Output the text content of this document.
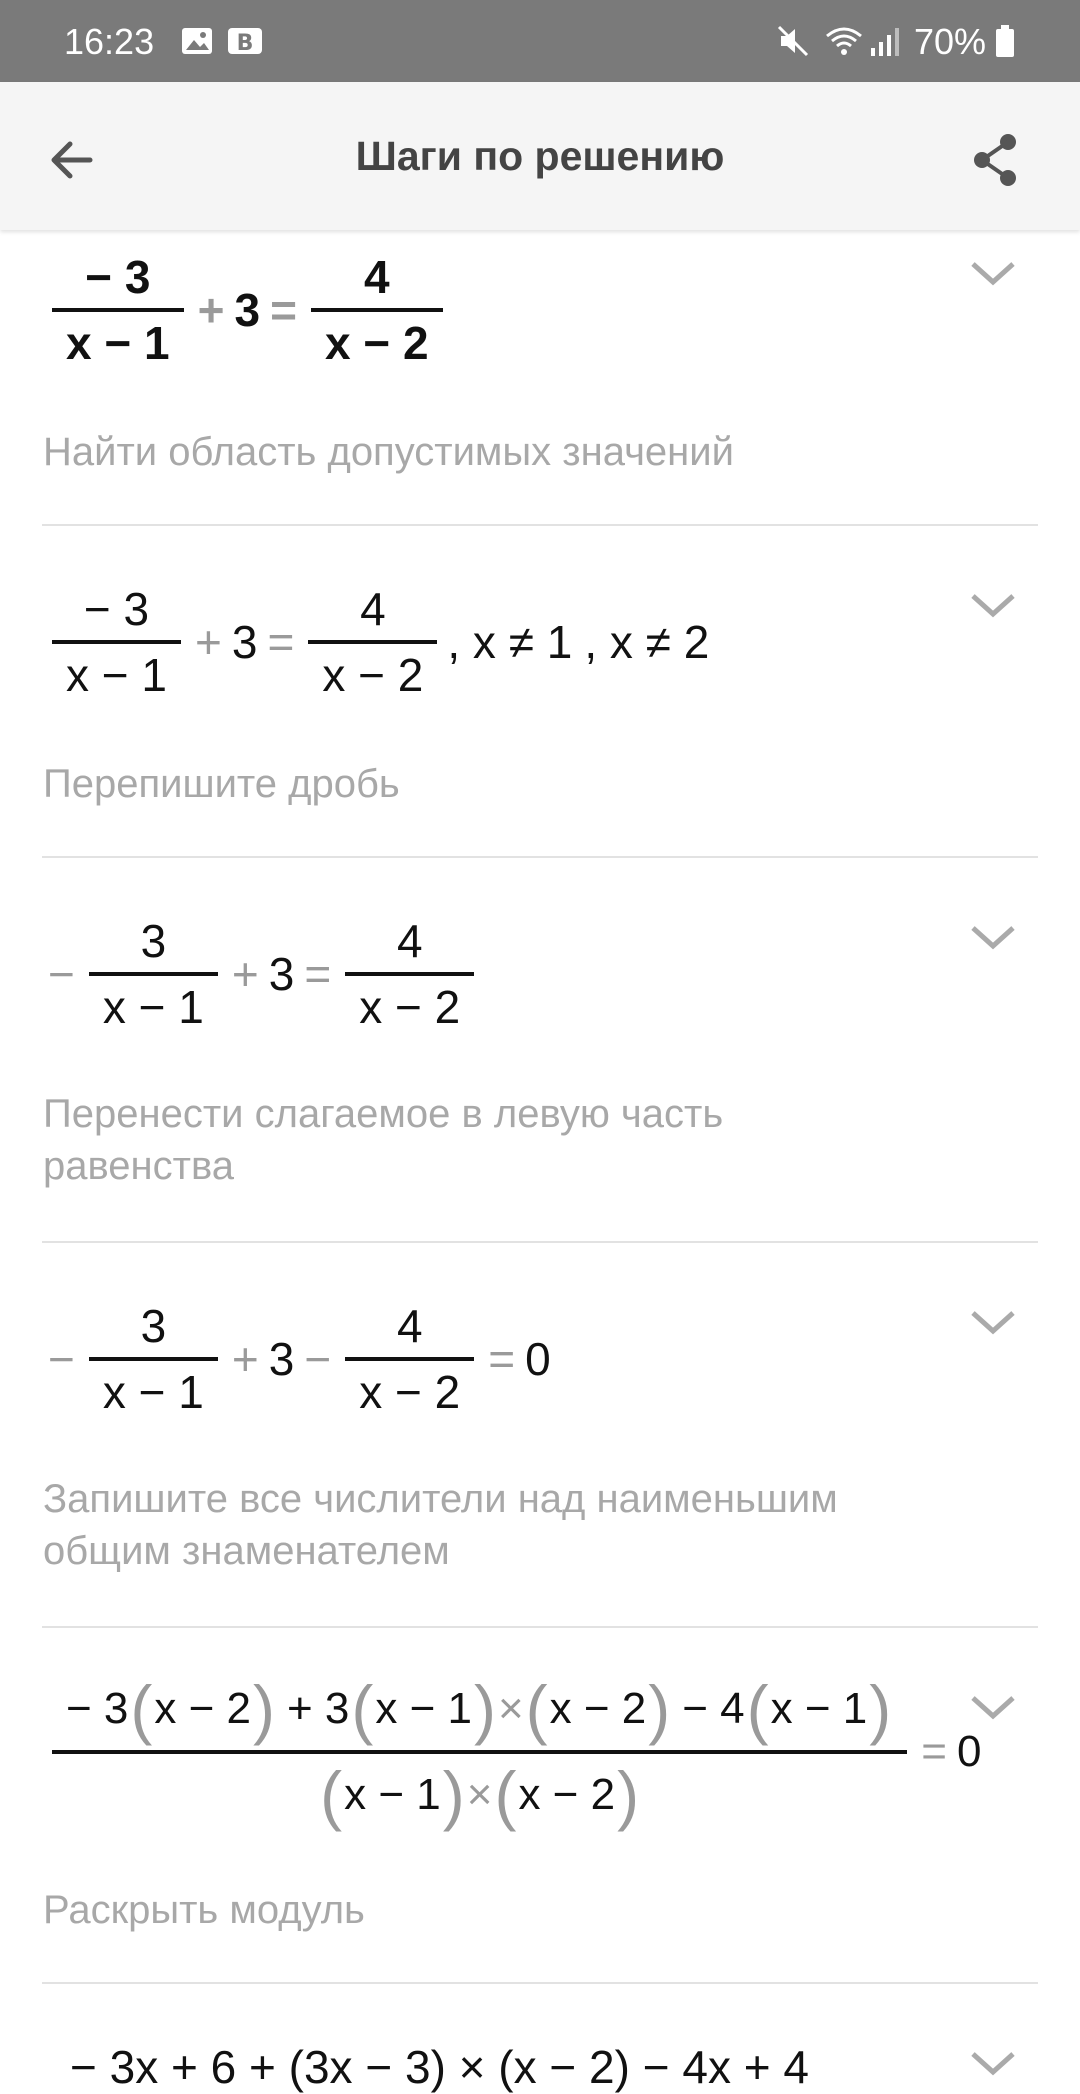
16:23	B	70%
Шаги по решению
$\frac{- 3}{x - 1} + 3 = \frac{4}{x - 2}$
Найти область допустимых значений
$\frac{- 3}{x - 1} + 3 = \frac{4}{x - 2}$ , x ≠ 1 , x ≠ 2
Перепишите дробь
− $\frac{3}{x - 1} + 3 = \frac{4}{x - 2}$
Перенести слагаемое в левую часть равенства
− $\frac{3}{x - 1} + 3 - \frac{4}{x - 2} = 0$
Запишите все числители над наименьшим общим знаменателем
− 3 ( x − 2 ) + 3 ( x − 1 ) × ( x − 2 ) − 4 ( x − 1 )
( x − 1 ) × ( x − 2 )
= 0
Раскрыть модуль
− 3x + 6 + (3x − 3) × (x − 2) − 4x + 4
